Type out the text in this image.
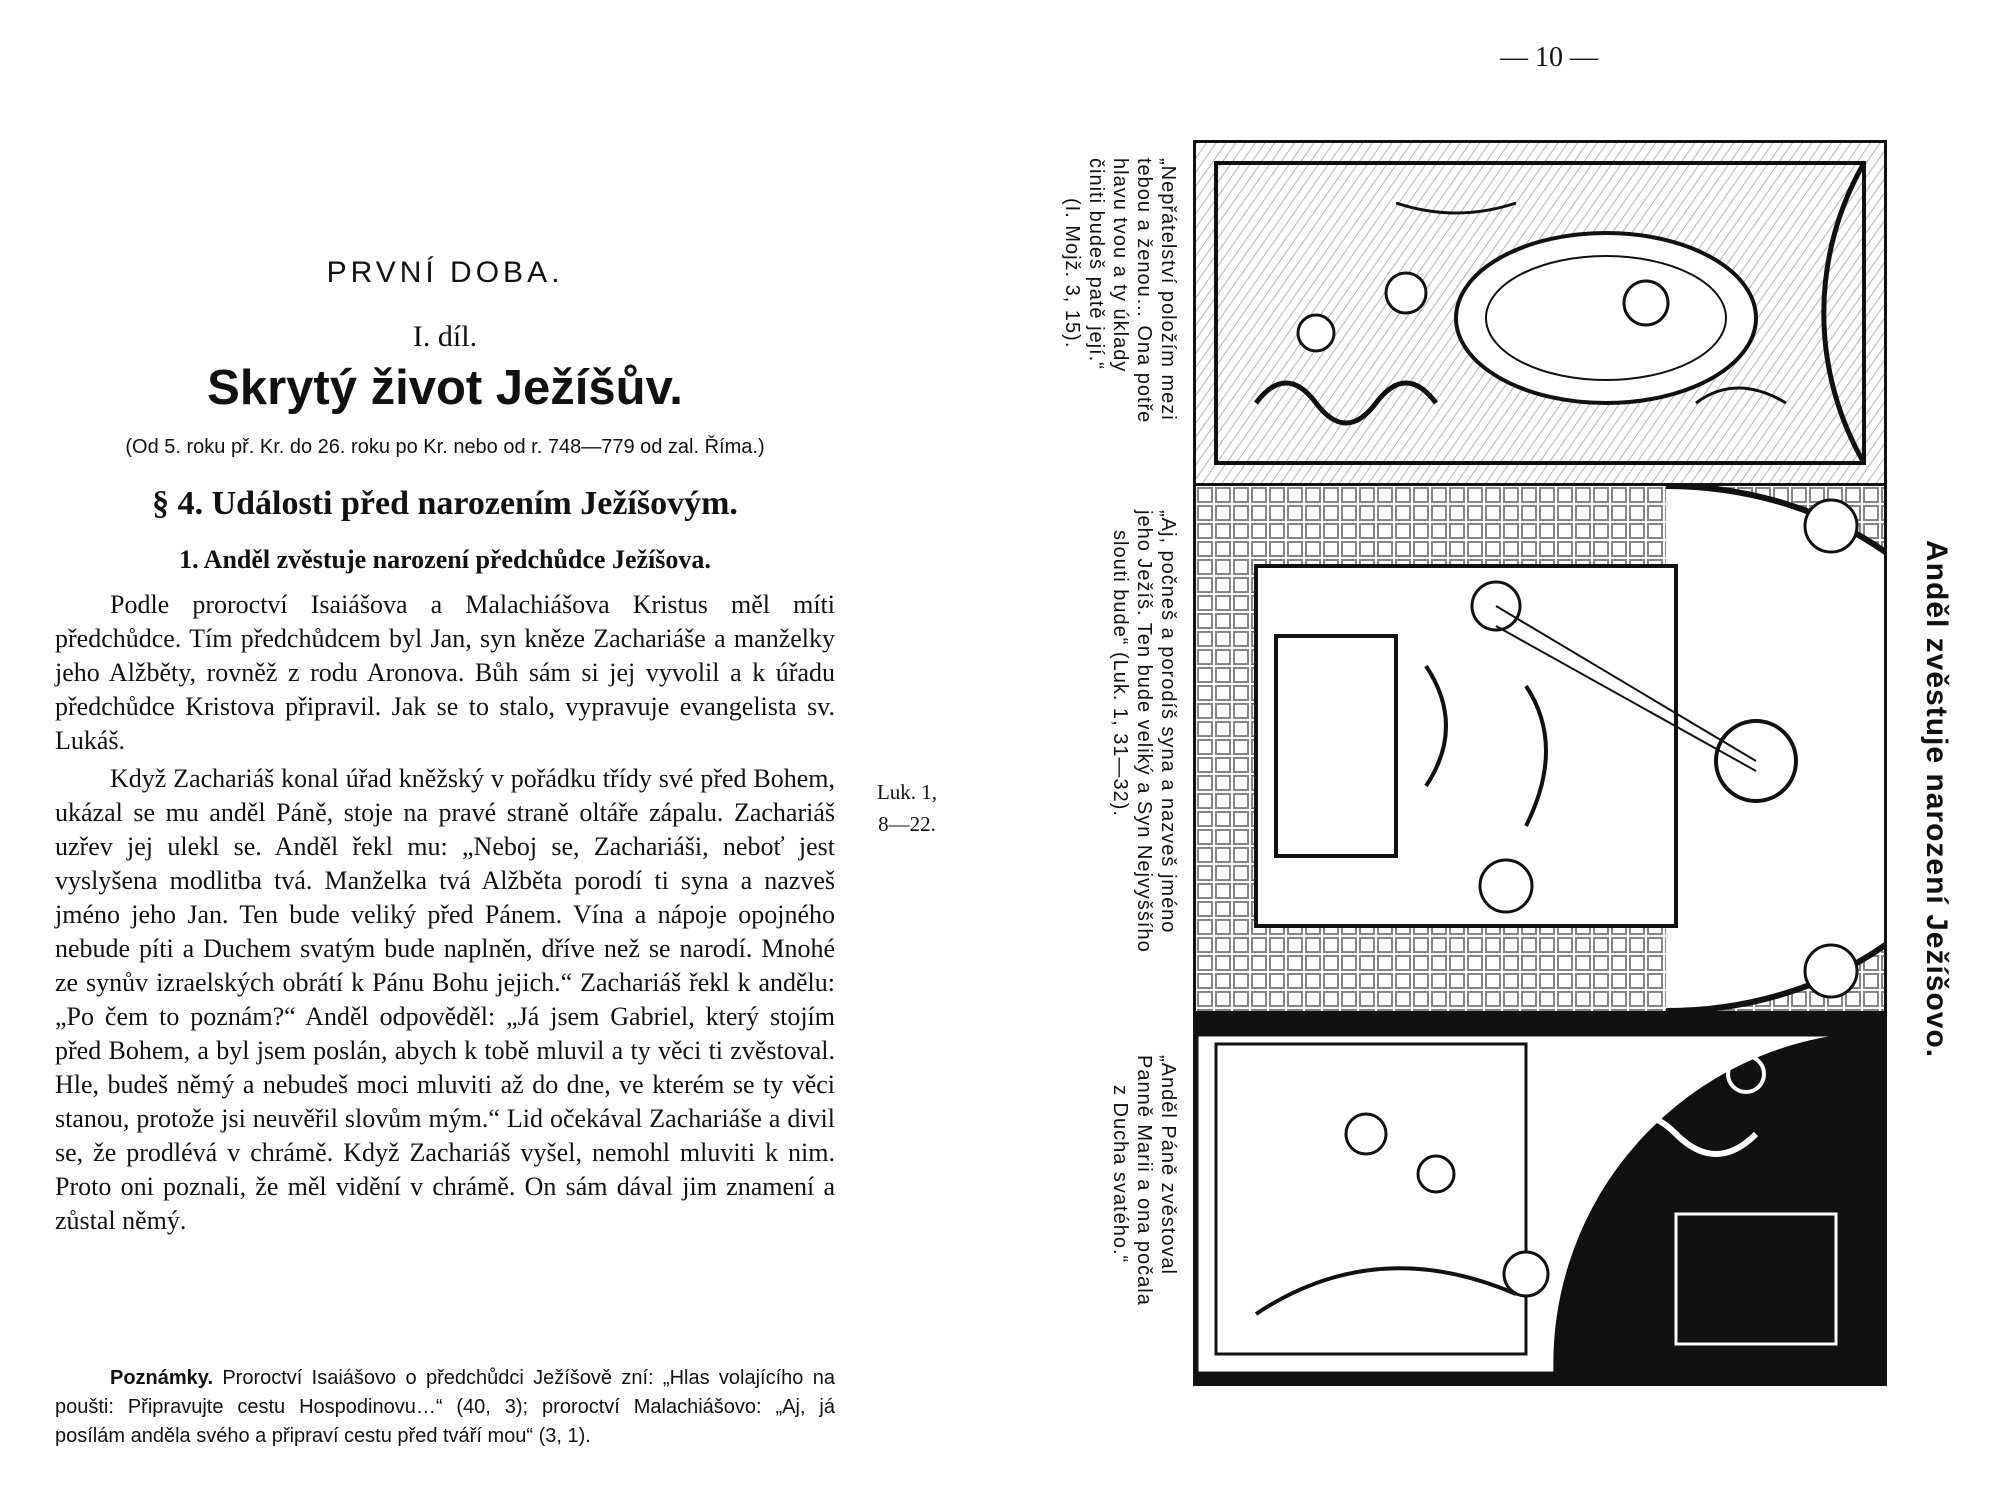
PRVNÍ DOBA.
I. díl.
Skrytý život Ježíšův.
(Od 5. roku př. Kr. do 26. roku po Kr. nebo od r. 748—779 od zal. Říma.)
§ 4. Události před narozením Ježíšovým.
1. Anděl zvěstuje narození předchůdce Ježíšova.

Podle proroctví Isaiášova a Malachiášova Kristus měl míti předchůdce. Tím předchůdcem byl Jan, syn kněze Zachariáše a manželky jeho Alžběty, rovněž z rodu Aronova. Bůh sám si jej vyvolil a k úřadu předchůdce Kristova připravil. Jak se to stalo, vypravuje evangelista sv. Lukáš.

Když Zachariáš konal úřad kněžský v pořádku třídy své před Bohem, ukázal se mu anděl Páně, stoje na pravé straně oltáře zápalu. Zachariáš uzřev jej ulekl se. Anděl řekl mu: „Neboj se, Zachariáši, neboť jest vyslyšena modlitba tvá. Manželka tvá Alžběta porodí ti syna a nazveš jméno jeho Jan. Ten bude veliký před Pánem. Vína a nápoje opojného nebude píti a Duchem svatým bude naplněn, dříve než se narodí. Mnohé ze synův izraelských obrátí k Pánu Bohu jejich.“ Zachariáš řekl k andělu: „Po čem to poznám?“ Anděl odpověděl: „Já jsem Gabriel, který stojím před Bohem, a byl jsem poslán, abych k tobě mluvil a ty věci ti zvěstoval. Hle, budeš němý a nebudeš moci mluviti až do dne, ve kterém se ty věci stanou, protože jsi neuvěřil slovům mým.“ Lid očekával Zachariáše a divil se, že prodlévá v chrámě. Když Zachariáš vyšel, nemohl mluviti k nim. Proto oni poznali, že měl vidění v chrámě. On sám dával jim znamení a zůstal němý.

Luk. 1,
8—22.

Poznámky. Proroctví Isaiášovo o předchůdci Ježíšově zní: „Hlas volajícího na poušti: Připravujte cestu Hospodinovu…“ (40, 3); proroctví Malachiášovo: „Aj, já posílám anděla svého a připraví cestu před tváří mou“ (3, 1).

— 10 —
„Nepřátelství položím mezi
tebou a ženou… Ona potře
hlavu tvou a ty úklady
činiti budeš patě její.“
(I. Mojž. 3, 15).
„Aj, počneš a porodíš syna a nazveš jméno
jeho Ježíš. Ten bude veliký a Syn Nejvyššího
slouti bude“ (Luk. 1, 31—32).
„Anděl Páně zvěstoval
Panně Marii a ona počala
z Ducha svatého.“
Anděl zvěstuje narození Ježíšovo.
